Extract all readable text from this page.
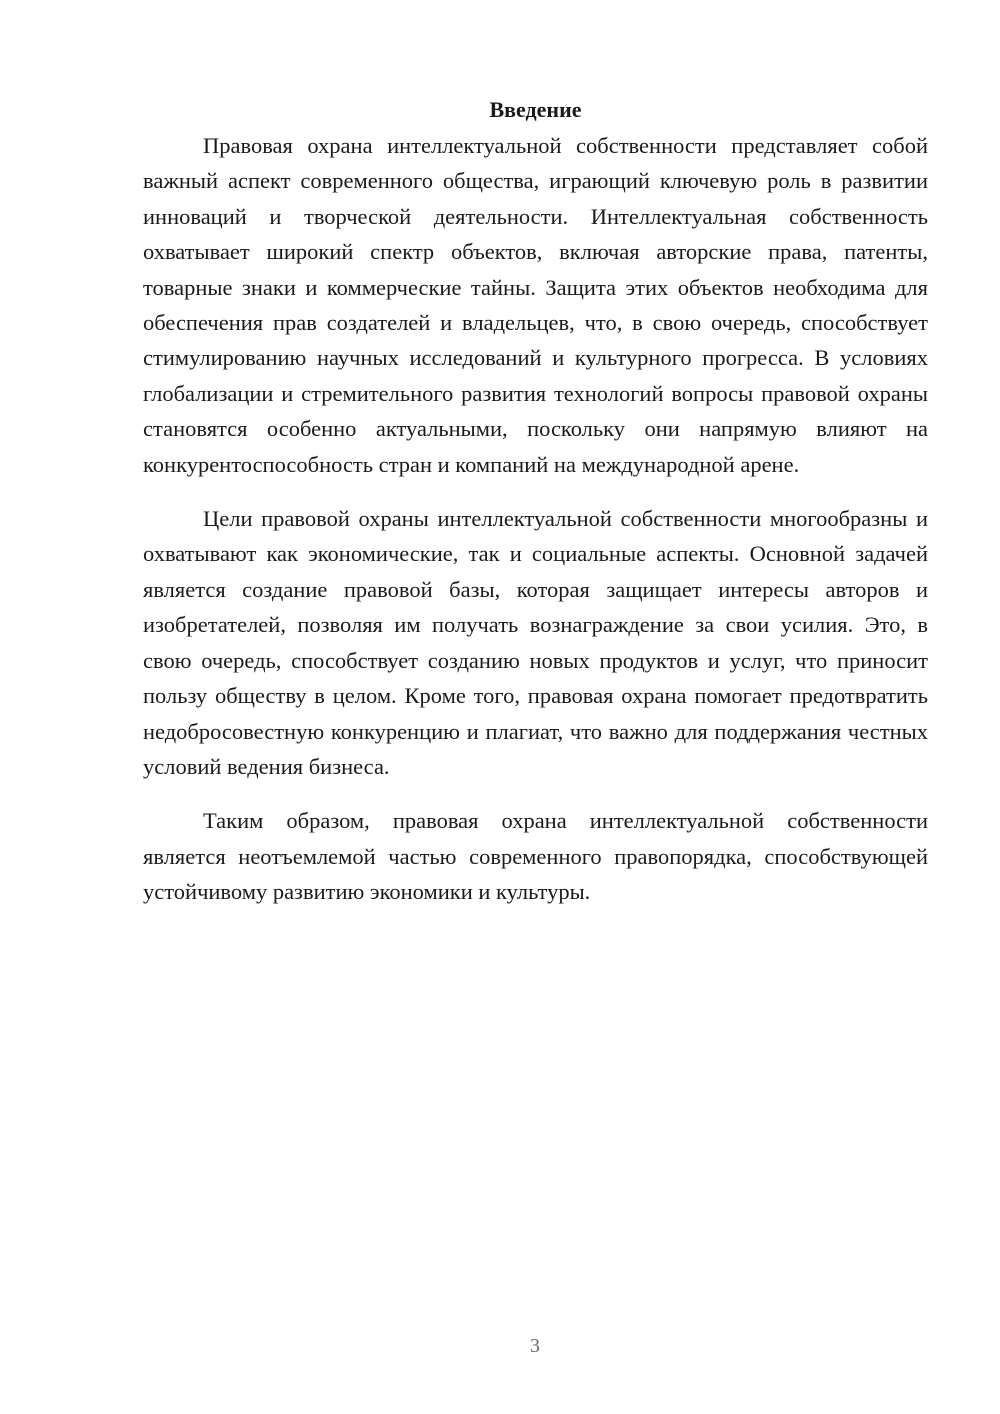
Введение

Правовая охрана интеллектуальной собственности представляет собой важный аспект современного общества, играющий ключевую роль в развитии инноваций и творческой деятельности. Интеллектуальная собственность охватывает широкий спектр объектов, включая авторские права, патенты, товарные знаки и коммерческие тайны. Защита этих объектов необходима для обеспечения прав создателей и владельцев, что, в свою очередь, способствует стимулированию научных исследований и культурного прогресса. В условиях глобализации и стремительного развития технологий вопросы правовой охраны становятся особенно актуальными, поскольку они напрямую влияют на конкурентоспособность стран и компаний на международной арене.

Цели правовой охраны интеллектуальной собственности многообразны и охватывают как экономические, так и социальные аспекты. Основной задачей является создание правовой базы, которая защищает интересы авторов и изобретателей, позволяя им получать вознаграждение за свои усилия. Это, в свою очередь, способствует созданию новых продуктов и услуг, что приносит пользу обществу в целом. Кроме того, правовая охрана помогает предотвратить недобросовестную конкуренцию и плагиат, что важно для поддержания честных условий ведения бизнеса.

Таким образом, правовая охрана интеллектуальной собственности является неотъемлемой частью современного правопорядка, способствующей устойчивому развитию экономики и культуры.

3
